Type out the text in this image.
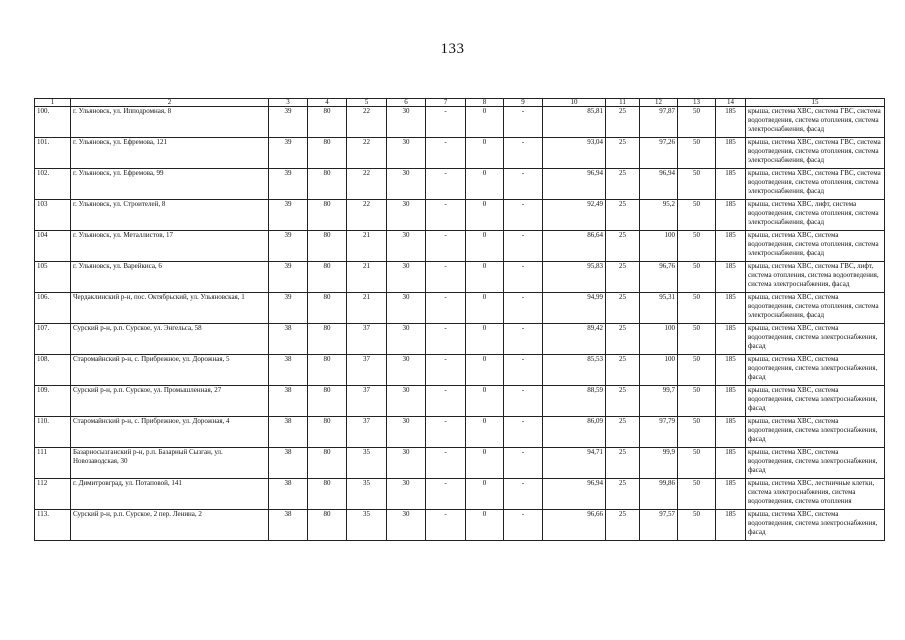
133
1	2	3	4	5	6	7	8	9	10	11	12	13	14	15
100.	г. Ульяновск, ул. Ипподромная, 8	39	80	22	30	-	0	-	85,81	25	97,87	50	185	крыша, система ХВС, система ГВС, система водоотведения, система отопления, система электроснабжения, фасад
101.	г. Ульяновск, ул. Ефремова, 121	39	80	22	30	-	0	-	93,04	25	97,26	50	185	крыша, система ХВС, система ГВС, система водоотведения, система отопления, система электроснабжения, фасад
102.	г. Ульяновск, ул. Ефремова, 99	39	80	22	30	-	0	-	96,94	25	96,94	50	185	крыша, система ХВС, система ГВС, система водоотведения, система отопления, система электроснабжения, фасад
103	г. Ульяновск, ул. Строителей, 8	39	80	22	30	-	0	-	92,49	25	95,2	50	185	крыша, система ХВС, лифт, система водоотведения, система отопления, система электроснабжения, фасад
104	г. Ульяновск, ул. Металлистов, 17	39	80	21	30	-	0	-	86,64	25	100	50	185	крыша, система ХВС, система водоотведения, система отопления, система электроснабжения, фасад
105	г. Ульяновск, ул. Варейкиса, 6	39	80	21	30	-	0	-	95,83	25	96,76	50	185	крыша, система ХВС, система ГВС, лифт, система отопления, система водоотведения, система электроснабжения, фасад
106.	Чердаклинский р-н, пос. Октябрьский, ул. Ульяновская, 1	39	80	21	30	-	0	-	94,99	25	95,31	50	185	крыша, система ХВС, система водоотведения, система отопления, система электроснабжения, фасад
107.	Сурский р-н, р.п. Сурское, ул. Энгельса, 58	38	80	37	30	-	0	-	89,42	25	100	50	185	крыша, система ХВС, система водоотведения, система электроснабжения, фасад
108.	Старомайнский р-н, с. Прибрежное, ул. Дорожная, 5	38	80	37	30	-	0	-	85,53	25	100	50	185	крыша, система ХВС, система водоотведения, система электроснабжения, фасад
109.	Сурский р-н, р.п. Сурское, ул. Промышленная, 27	38	80	37	30	-	0	-	88,59	25	99,7	50	185	крыша, система ХВС, система водоотведения, система электроснабжения, фасад
110.	Старомайнский р-н, с. Прибрежное, ул. Дорожная, 4	38	80	37	30	-	0	-	86,09	25	97,79	50	185	крыша, система ХВС, система водоотведения, система электроснабжения, фасад
111	Базарносызганский р-н, р.п. Базарный Сызган, ул. Новозаводская, 30	38	80	35	30	-	0	-	94,71	25	99,9	50	185	крыша, система ХВС, система водоотведения, система электроснабжения, фасад
112	г. Димитровград, ул. Потаповой, 141	38	80	35	30	-	0	-	96,94	25	99,86	50	185	крыша, система ХВС, лестничные клетки, система электроснабжения, система водоотведения, система отопления
113.	Сурский р-н, р.п. Сурское, 2 пер. Ленина, 2	38	80	35	30	-	0	-	96,66	25	97,57	50	185	крыша, система ХВС, система водоотведения, система электроснабжения, фасад
